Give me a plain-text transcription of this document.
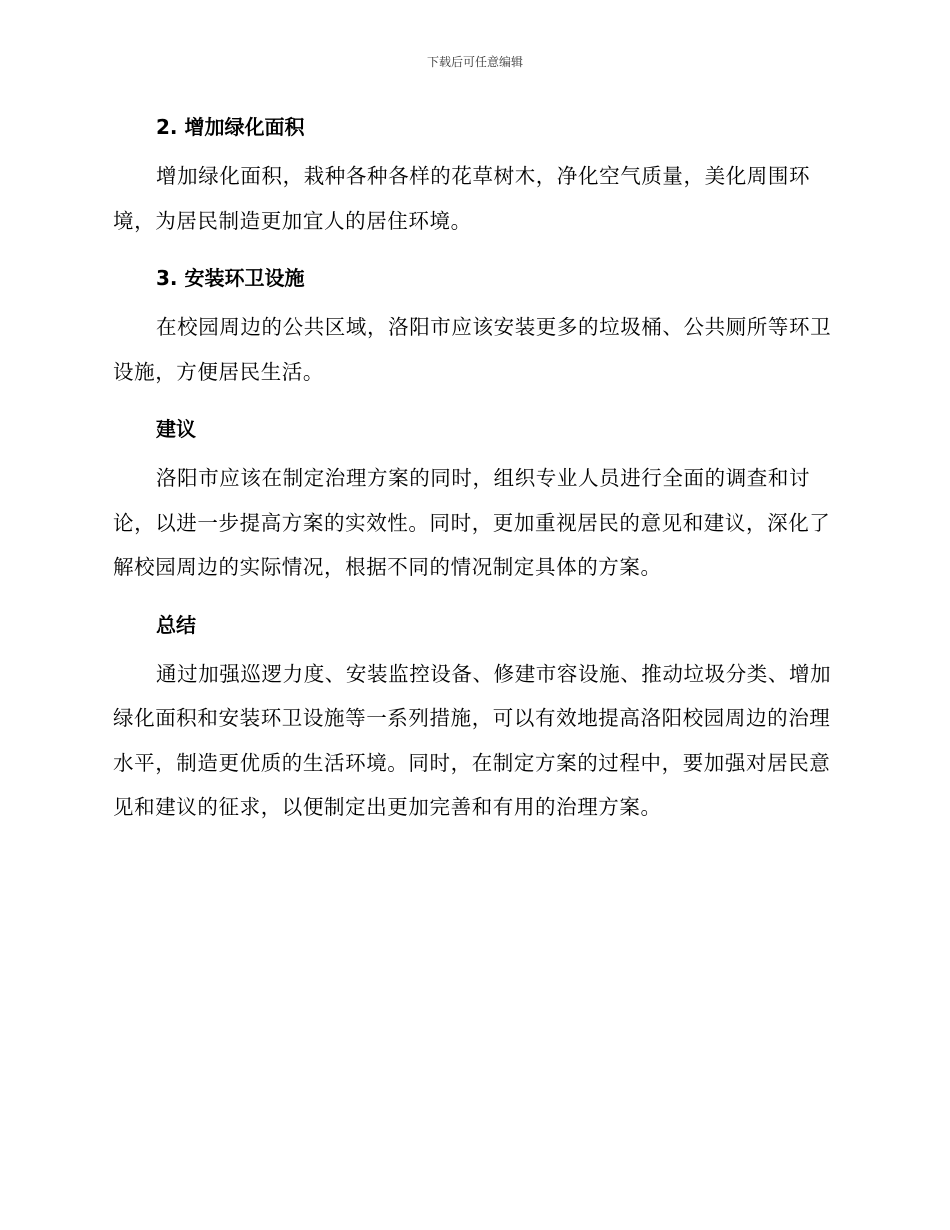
下载后可任意编辑
2. 增加绿化面积

增加绿化面积，栽种各种各样的花草树木，净化空气质量，美化周围环境，为居民制造更加宜人的居住环境。

3. 安装环卫设施

在校园周边的公共区域，洛阳市应该安装更多的垃圾桶、公共厕所等环卫设施，方便居民生活。

建议

洛阳市应该在制定治理方案的同时，组织专业人员进行全面的调查和讨论，以进一步提高方案的实效性。同时，更加重视居民的意见和建议，深化了解校园周边的实际情况，根据不同的情况制定具体的方案。

总结

通过加强巡逻力度、安装监控设备、修建市容设施、推动垃圾分类、增加绿化面积和安装环卫设施等一系列措施，可以有效地提高洛阳校园周边的治理水平，制造更优质的生活环境。同时，在制定方案的过程中，要加强对居民意见和建议的征求，以便制定出更加完善和有用的治理方案。
